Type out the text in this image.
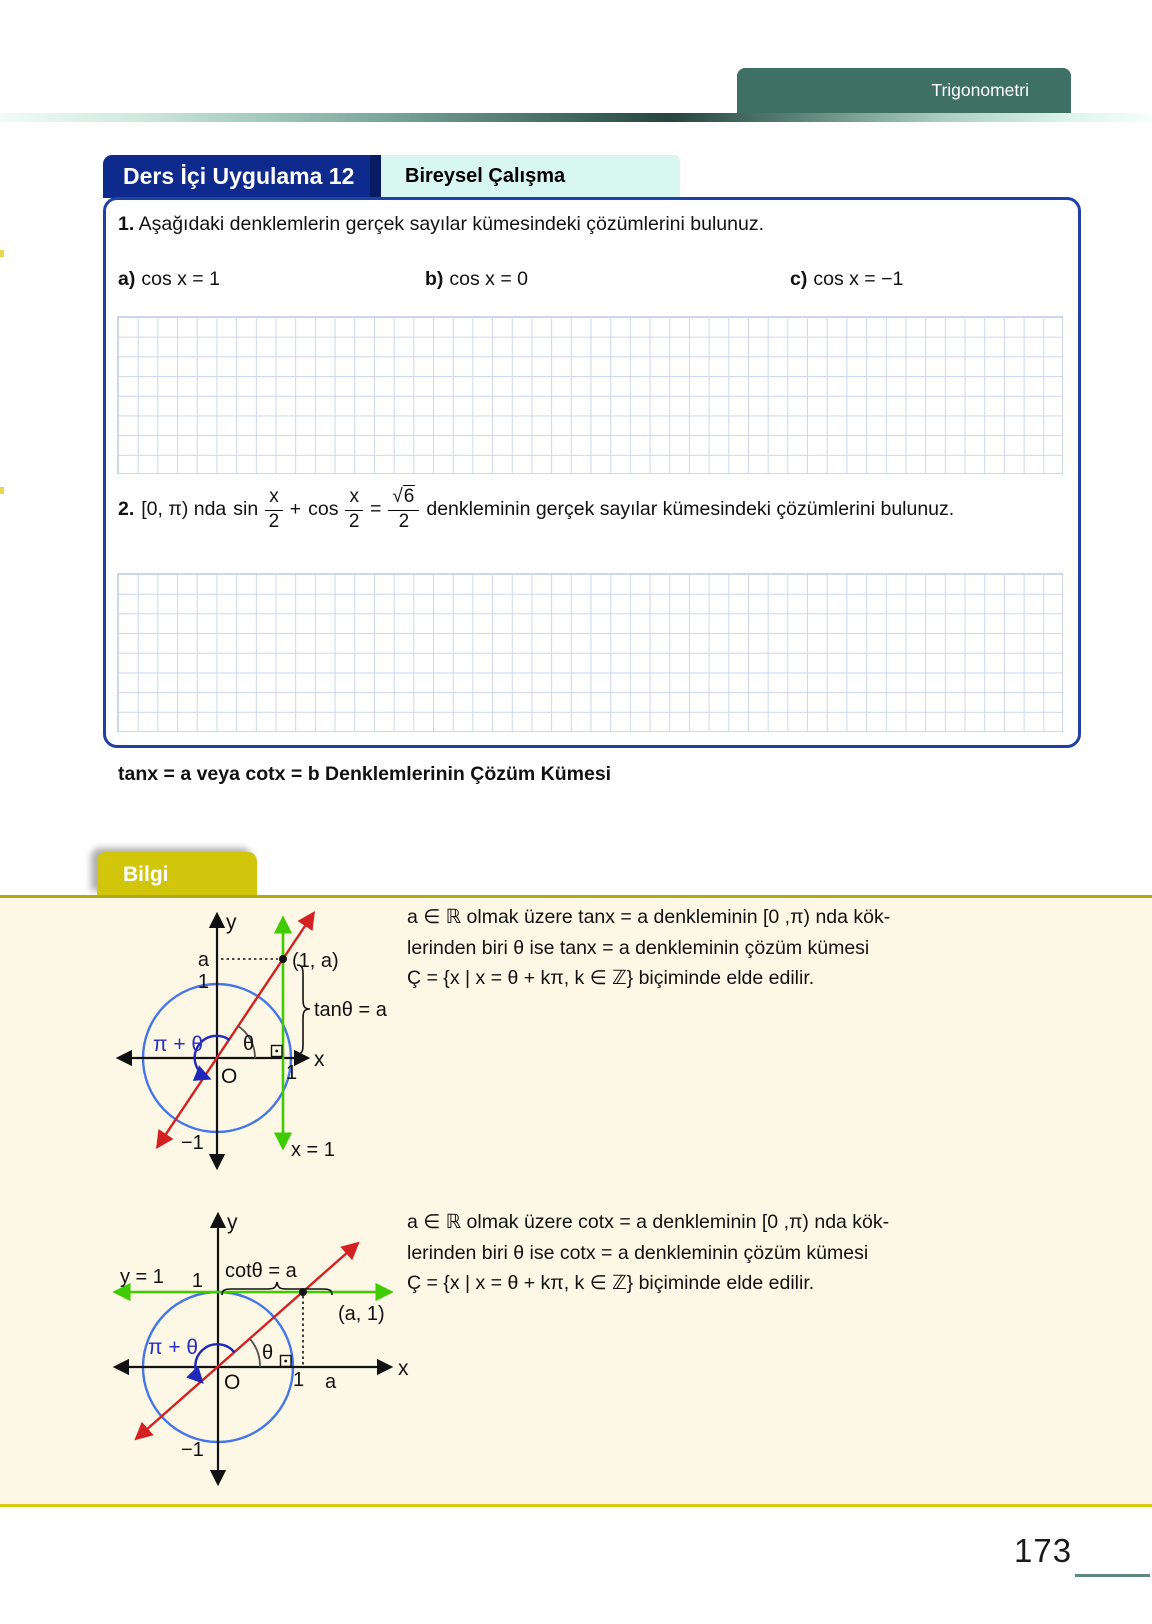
Trigonometri
Ders İçi Uygulama 12	Bireysel Çalışma
1. Aşağıdaki denklemlerin gerçek sayılar kümesindeki çözümlerini bulunuz.
a) cos x = 1	b) cos x = 0	c) cos x = −1
2. [0, π) nda $\sin \frac{x}{2} + \cos \frac{x}{2} = \frac{√6}{2}$ denkleminin gerçek sayılar kümesindeki çözümlerini bulunuz.
tanx = a veya cotx = b Denklemlerinin Çözüm Kümesi
Bilgi
y
x
a
1
(1, a)
tanθ = a
θ
π + θ
O 1
−1	x = 1
a ∈ ℝ olmak üzere tanx = a denkleminin [0 ,π) nda kök-
lerinden biri θ ise tanx = a denkleminin çözüm kümesi
Ç = {x | x = θ + kπ, k ∈ ℤ} biçiminde elde edilir.
y
x
y = 1 1 cotθ = a
(a, 1)
θ
π + θ
O	1 a
−1
a ∈ ℝ olmak üzere cotx = a denkleminin [0 ,π) nda kök-
lerinden biri θ ise cotx = a denkleminin çözüm kümesi
Ç = {x | x = θ + kπ, k ∈ ℤ} biçiminde elde edilir.
173
